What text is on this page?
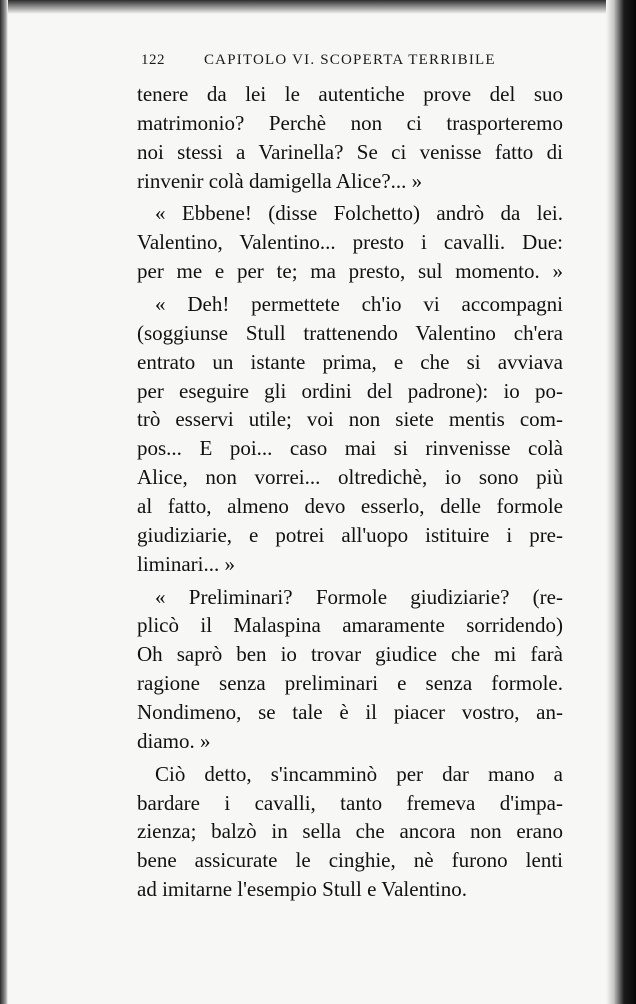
122	CAPITOLO VI. SCOPERTA TERRIBILE
tenere da lei le autentiche prove del suo
matrimonio? Perchè non ci trasporteremo
noi stessi a Varinella? Se ci venisse fatto di
rinvenir colà damigella Alice?... »
« Ebbene! (disse Folchetto) andrò da lei.
Valentino, Valentino... presto i cavalli. Due:
per me e per te; ma presto, sul momento. »
« Deh! permettete ch'io vi accompagni
(soggiunse Stull trattenendo Valentino ch'era
entrato un istante prima, e che si avviava
per eseguire gli ordini del padrone): io po-
trò esservi utile; voi non siete mentis com-
pos... E poi... caso mai si rinvenisse colà
Alice, non vorrei... oltredichè, io sono più
al fatto, almeno devo esserlo, delle formole
giudiziarie, e potrei all'uopo istituire i pre-
liminari... »
« Preliminari? Formole giudiziarie? (re-
plicò il Malaspina amaramente sorridendo)
Oh saprò ben io trovar giudice che mi farà
ragione senza preliminari e senza formole.
Nondimeno, se tale è il piacer vostro, an-
diamo. »
Ciò detto, s'incamminò per dar mano a
bardare i cavalli, tanto fremeva d'impa-
zienza; balzò in sella che ancora non erano
bene assicurate le cinghie, nè furono lenti
ad imitarne l'esempio Stull e Valentino.
